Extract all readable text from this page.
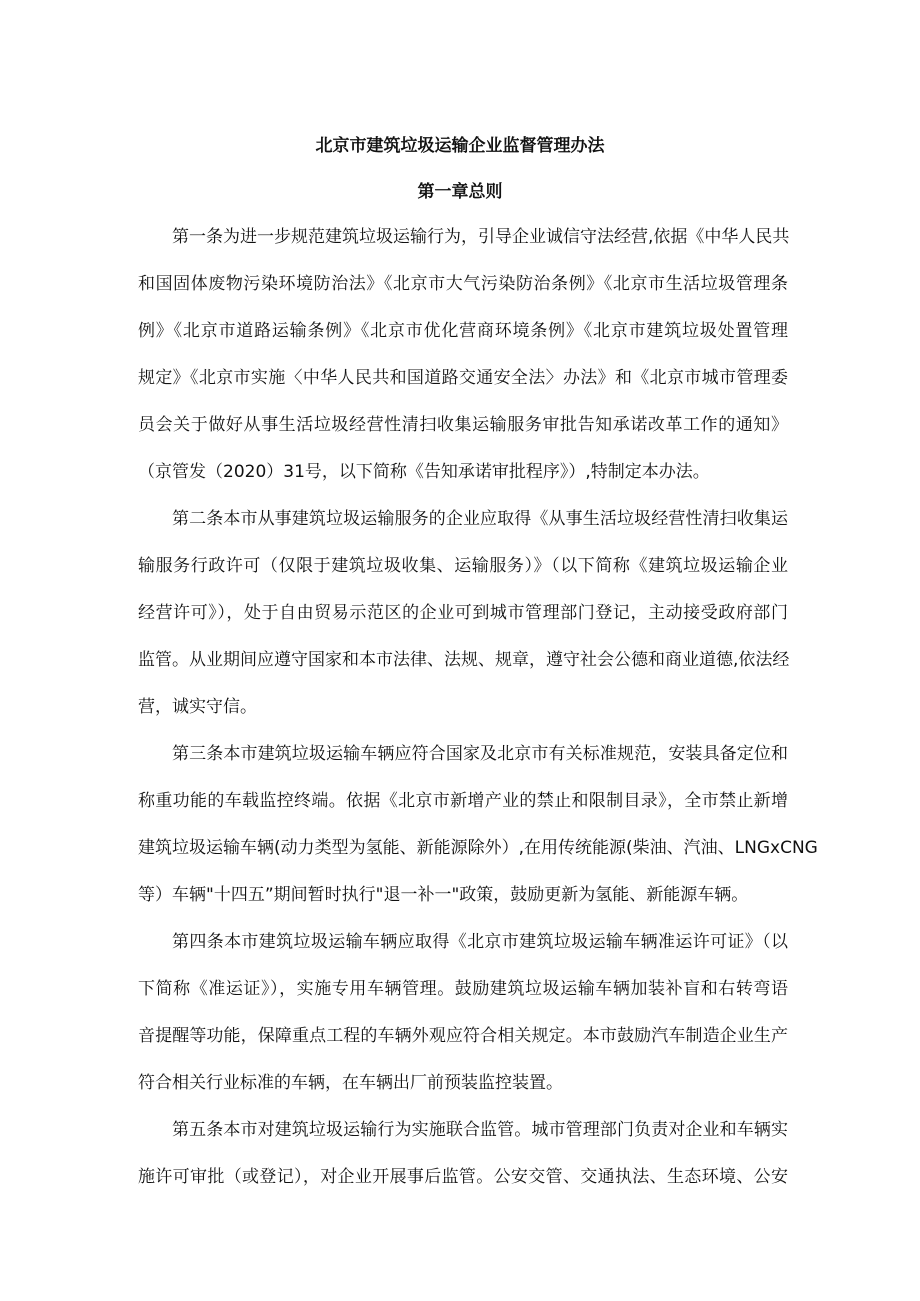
北京市建筑垃圾运输企业监督管理办法
第一章总则
第一条为进一步规范建筑垃圾运输行为，引导企业诚信守法经营,依据《中华人民共
和国固体废物污染环境防治法》《北京市大气污染防治条例》《北京市生活垃圾管理条
例》《北京市道路运输条例》《北京市优化营商环境条例》《北京市建筑垃圾处置管理
规定》《北京市实施〈中华人民共和国道路交通安全法〉办法》和《北京市城市管理委
员会关于做好从事生活垃圾经营性清扫收集运输服务审批告知承诺改革工作的通知》
（京管发（2020）31号，以下简称《告知承诺审批程序》）,特制定本办法。
第二条本市从事建筑垃圾运输服务的企业应取得《从事生活垃圾经营性清扫收集运
输服务行政许可（仅限于建筑垃圾收集、运输服务）》（以下简称《建筑垃圾运输企业
经营许可》），处于自由贸易示范区的企业可到城市管理部门登记，主动接受政府部门
监管。从业期间应遵守国家和本市法律、法规、规章，遵守社会公德和商业道德,依法经
营，诚实守信。
第三条本市建筑垃圾运输车辆应符合国家及北京市有关标准规范，安装具备定位和
称重功能的车载监控终端。依据《北京市新增产业的禁止和限制目录》，全市禁止新增
建筑垃圾运输车辆(动力类型为氢能、新能源除外）,在用传统能源(柴油、汽油、LNGxCNG
等）车辆"十四五”期间暂时执行"退一补一"政策，鼓励更新为氢能、新能源车辆。
第四条本市建筑垃圾运输车辆应取得《北京市建筑垃圾运输车辆准运许可证》（以
下简称《准运证》），实施专用车辆管理。鼓励建筑垃圾运输车辆加装补盲和右转弯语
音提醒等功能，保障重点工程的车辆外观应符合相关规定。本市鼓励汽车制造企业生产
符合相关行业标准的车辆，在车辆出厂前预装监控装置。
第五条本市对建筑垃圾运输行为实施联合监管。城市管理部门负责对企业和车辆实
施许可审批（或登记），对企业开展事后监管。公安交管、交通执法、生态环境、公安
